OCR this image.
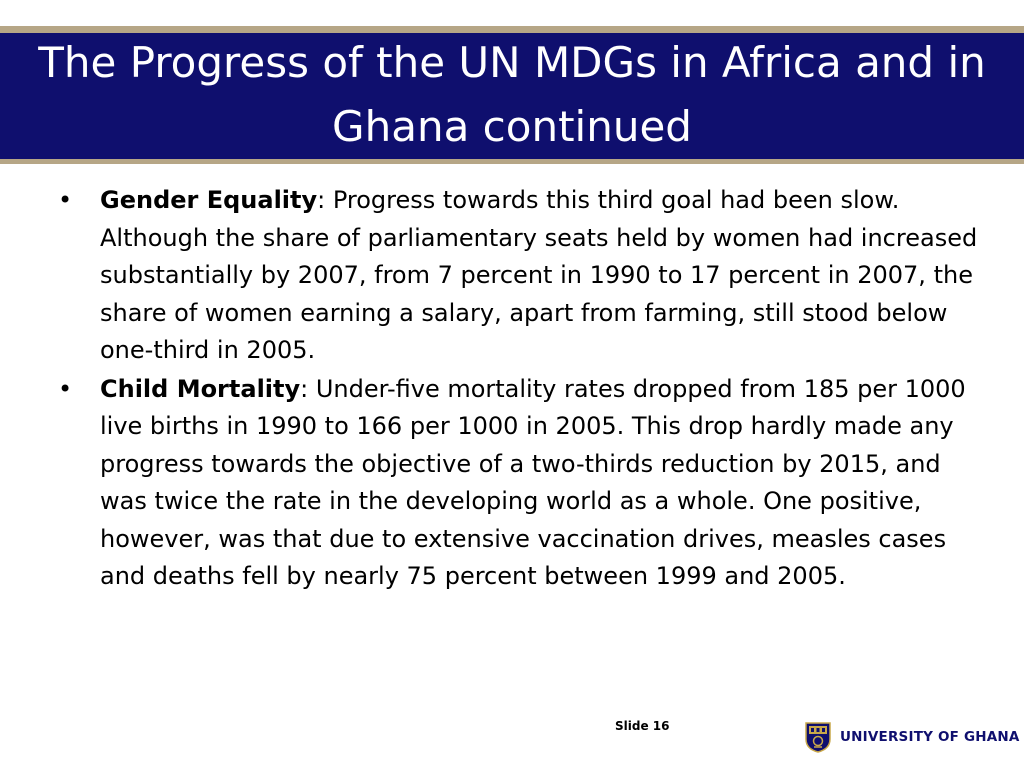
The Progress of the UN MDGs in Africa and in Ghana continued
• Gender Equality: Progress towards this third goal had been slow. Although the share of parliamentary seats held by women had increased substantially by 2007, from 7 percent in 1990 to 17 percent in 2007, the share of women earning a salary, apart from farming, still stood below one-third in 2005.
• Child Mortality: Under-five mortality rates dropped from 185 per 1000 live births in 1990 to 166 per 1000 in 2005. This drop hardly made any progress towards the objective of a two-thirds reduction by 2015, and was twice the rate in the developing world as a whole. One positive, however, was that due to extensive vaccination drives, measles cases and deaths fell by nearly 75 percent between 1999 and 2005.
Slide 16
UNIVERSITY OF GHANA
